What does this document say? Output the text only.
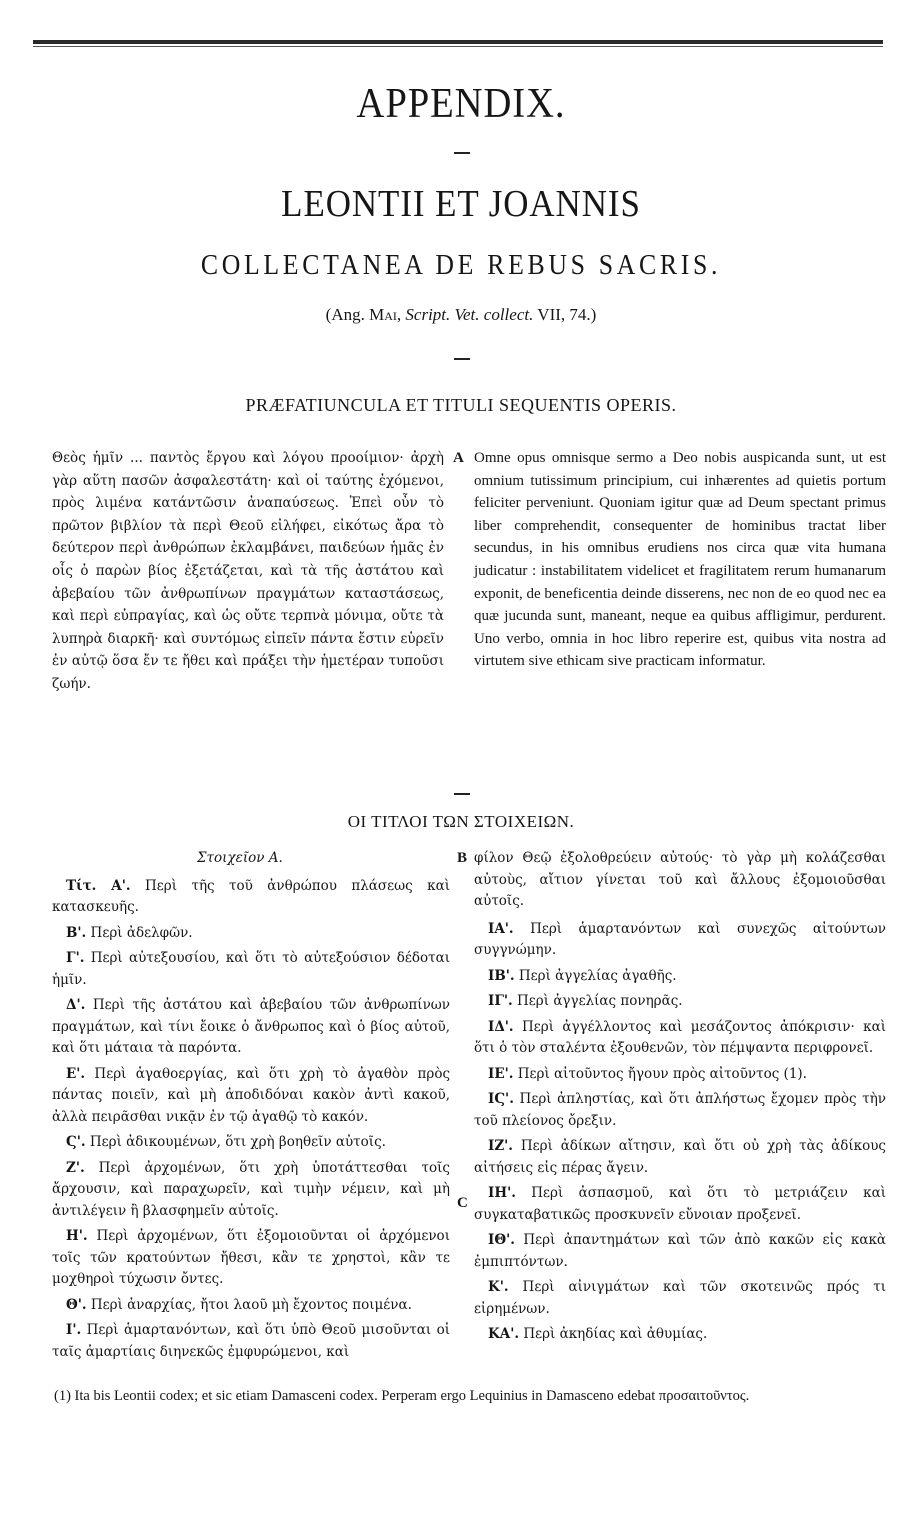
APPENDIX.
LEONTII ET JOANNIS
COLLECTANEA DE REBUS SACRIS.
(Ang. Mai, Script. Vet. collect. VII, 74.)
PRÆFATIUNCULA ET TITULI SEQUENTIS OPERIS.
Θεὸς ἡμῖν ... παντὸς ἔργου καὶ λόγου προοίμιον· ἀρχὴ γὰρ αὕτη πασῶν ἀσφαλεστάτη· καὶ οἱ ταύτης ἐχόμενοι, πρὸς λιμένα κατάντῶσιν ἀναπαύσεως. Ἐπεὶ οὖν τὸ πρῶτον βιβλίον τὰ περὶ Θεοῦ εἰλήφει, εἰκότως ἄρα τὸ δεύτερον περὶ ἀνθρώπων ἐκλαμβάνει, παιδεύων ἡμᾶς ἐν οἷς ὁ παρὼν βίος ἐξετάζεται, καὶ τὰ τῆς ἀστάτου καὶ ἀβεβαίου τῶν ἀνθρωπίνων πραγμάτων καταστάσεως, καὶ περὶ εὐπραγίας, καὶ ὡς οὔτε τερπνὰ μόνιμα, οὔτε τὰ λυπηρὰ διαρκῆ· καὶ συντόμως εἰπεῖν πάντα ἔστιν εὑρεῖν ἐν αὐτῷ ὅσα ἔν τε ἤθει καὶ πράξει τὴν ἡμετέραν τυποῦσι ζωήν.
A Omne opus omnisque sermo a Deo nobis auspicanda sunt, ut est omnium tutissimum principium, cui inhærentes ad quietis portum feliciter perveniunt. Quoniam igitur quæ ad Deum spectant primus liber comprehendit, consequenter de hominibus tractat liber secundus, in his omnibus erudiens nos circa quæ vita humana judicatur : instabilitatem videlicet et fragilitatem rerum humanarum exponit, de beneficentia deinde disserens, nec non de eo quod nec ea quæ jucunda sunt, maneant, neque ea quibus affligimur, perdurent. Uno verbo, omnia in hoc libro reperire est, quibus vita nostra ad virtutem sive ethicam sive practicam informatur.
ΟΙ ΤΙΤΛΟΙ ΤΩΝ ΣΤΟΙΧΕΙΩΝ.

Στοιχεῖον Α.

Τίτ. Α'. Περὶ τῆς τοῦ ἀνθρώπου πλάσεως καὶ κατασκευῆς.

Β'. Περὶ ἀδελφῶν.

Γ'. Περὶ αὐτεξουσίου, καὶ ὅτι τὸ αὐτεξούσιον δέδοται ἡμῖν.

Δ'. Περὶ τῆς ἀστάτου καὶ ἀβεβαίου τῶν ἀνθρωπίνων πραγμάτων, καὶ τίνι ἔοικε ὁ ἄνθρωπος καὶ ὁ βίος αὐτοῦ, καὶ ὅτι μάταια τὰ παρόντα.

Ε'. Περὶ ἀγαθοεργίας, καὶ ὅτι χρὴ τὸ ἀγαθὸν πρὸς πάντας ποιεῖν, καὶ μὴ ἀποδιδόναι κακὸν ἀντὶ κακοῦ, ἀλλὰ πειρᾶσθαι νικᾷν ἐν τῷ ἀγαθῷ τὸ κακόν.

Ϛ'. Περὶ ἀδικουμένων, ὅτι χρὴ βοηθεῖν αὐτοῖς.

Ζ'. Περὶ ἀρχομένων, ὅτι χρὴ ὑποτάττεσθαι τοῖς ἄρχουσιν, καὶ παραχωρεῖν, καὶ τιμὴν νέμειν, καὶ μὴ ἀντιλέγειν ἢ βλασφημεῖν αὐτοῖς.

Η'. Περὶ ἀρχομένων, ὅτι ἐξομοιοῦνται οἱ ἀρχόμενοι τοῖς τῶν κρατούντων ἤθεσι, κἂν τε χρηστοὶ, κἂν τε μοχθηροὶ τύχωσιν ὄντες.

Θ'. Περὶ ἀναρχίας, ἤτοι λαοῦ μὴ ἔχοντος ποιμένα.

Ι'. Περὶ ἁμαρτανόντων, καὶ ὅτι ὑπὸ Θεοῦ μισοῦνται οἱ ταῖς ἁμαρτίαις διηνεκῶς ἐμφυρώμενοι, καὶ

B
C

φίλον Θεῷ ἐξολοθρεύειν αὐτούς· τὸ γὰρ μὴ κολάζεσθαι αὐτοὺς, αἴτιον γίνεται τοῦ καὶ ἄλλους ἐξομοιοῦσθαι αὐτοῖς.

ΙΑ'. Περὶ ἁμαρτανόντων καὶ συνεχῶς αἰτούντων συγγνώμην.

ΙΒ'. Περὶ ἀγγελίας ἀγαθῆς.

ΙΓ'. Περὶ ἀγγελίας πονηρᾶς.

ΙΔ'. Περὶ ἀγγέλλοντος καὶ μεσάζοντος ἀπόκρισιν· καὶ ὅτι ὁ τὸν σταλέντα ἐξουθενῶν, τὸν πέμψαντα περιφρονεῖ.

ΙΕ'. Περὶ αἰτοῦντος ἤγουν πρὸς αἰτοῦντος (1).

ΙϚ'. Περὶ ἀπληστίας, καὶ ὅτι ἀπλήστως ἔχομεν πρὸς τὴν τοῦ πλείονος ὄρεξιν.

ΙΖ'. Περὶ ἀδίκων αἴτησιν, καὶ ὅτι οὐ χρὴ τὰς ἀδίκους αἰτήσεις εἰς πέρας ἄγειν.

ΙΗ'. Περὶ ἀσπασμοῦ, καὶ ὅτι τὸ μετριάζειν καὶ συγκαταβατικῶς προσκυνεῖν εὔνοιαν προξενεῖ.

ΙΘ'. Περὶ ἀπαντημάτων καὶ τῶν ἀπὸ κακῶν εἰς κακὰ ἐμπιπτόντων.

Κ'. Περὶ αἰνιγμάτων καὶ τῶν σκοτεινῶς πρός τι εἰρημένων.

ΚΑ'. Περὶ ἀκηδίας καὶ ἀθυμίας.

(1) Ita bis Leontii codex; et sic etiam Damasceni codex. Perperam ergo Lequinius in Damasceno edebat προσαιτοῦντος.
